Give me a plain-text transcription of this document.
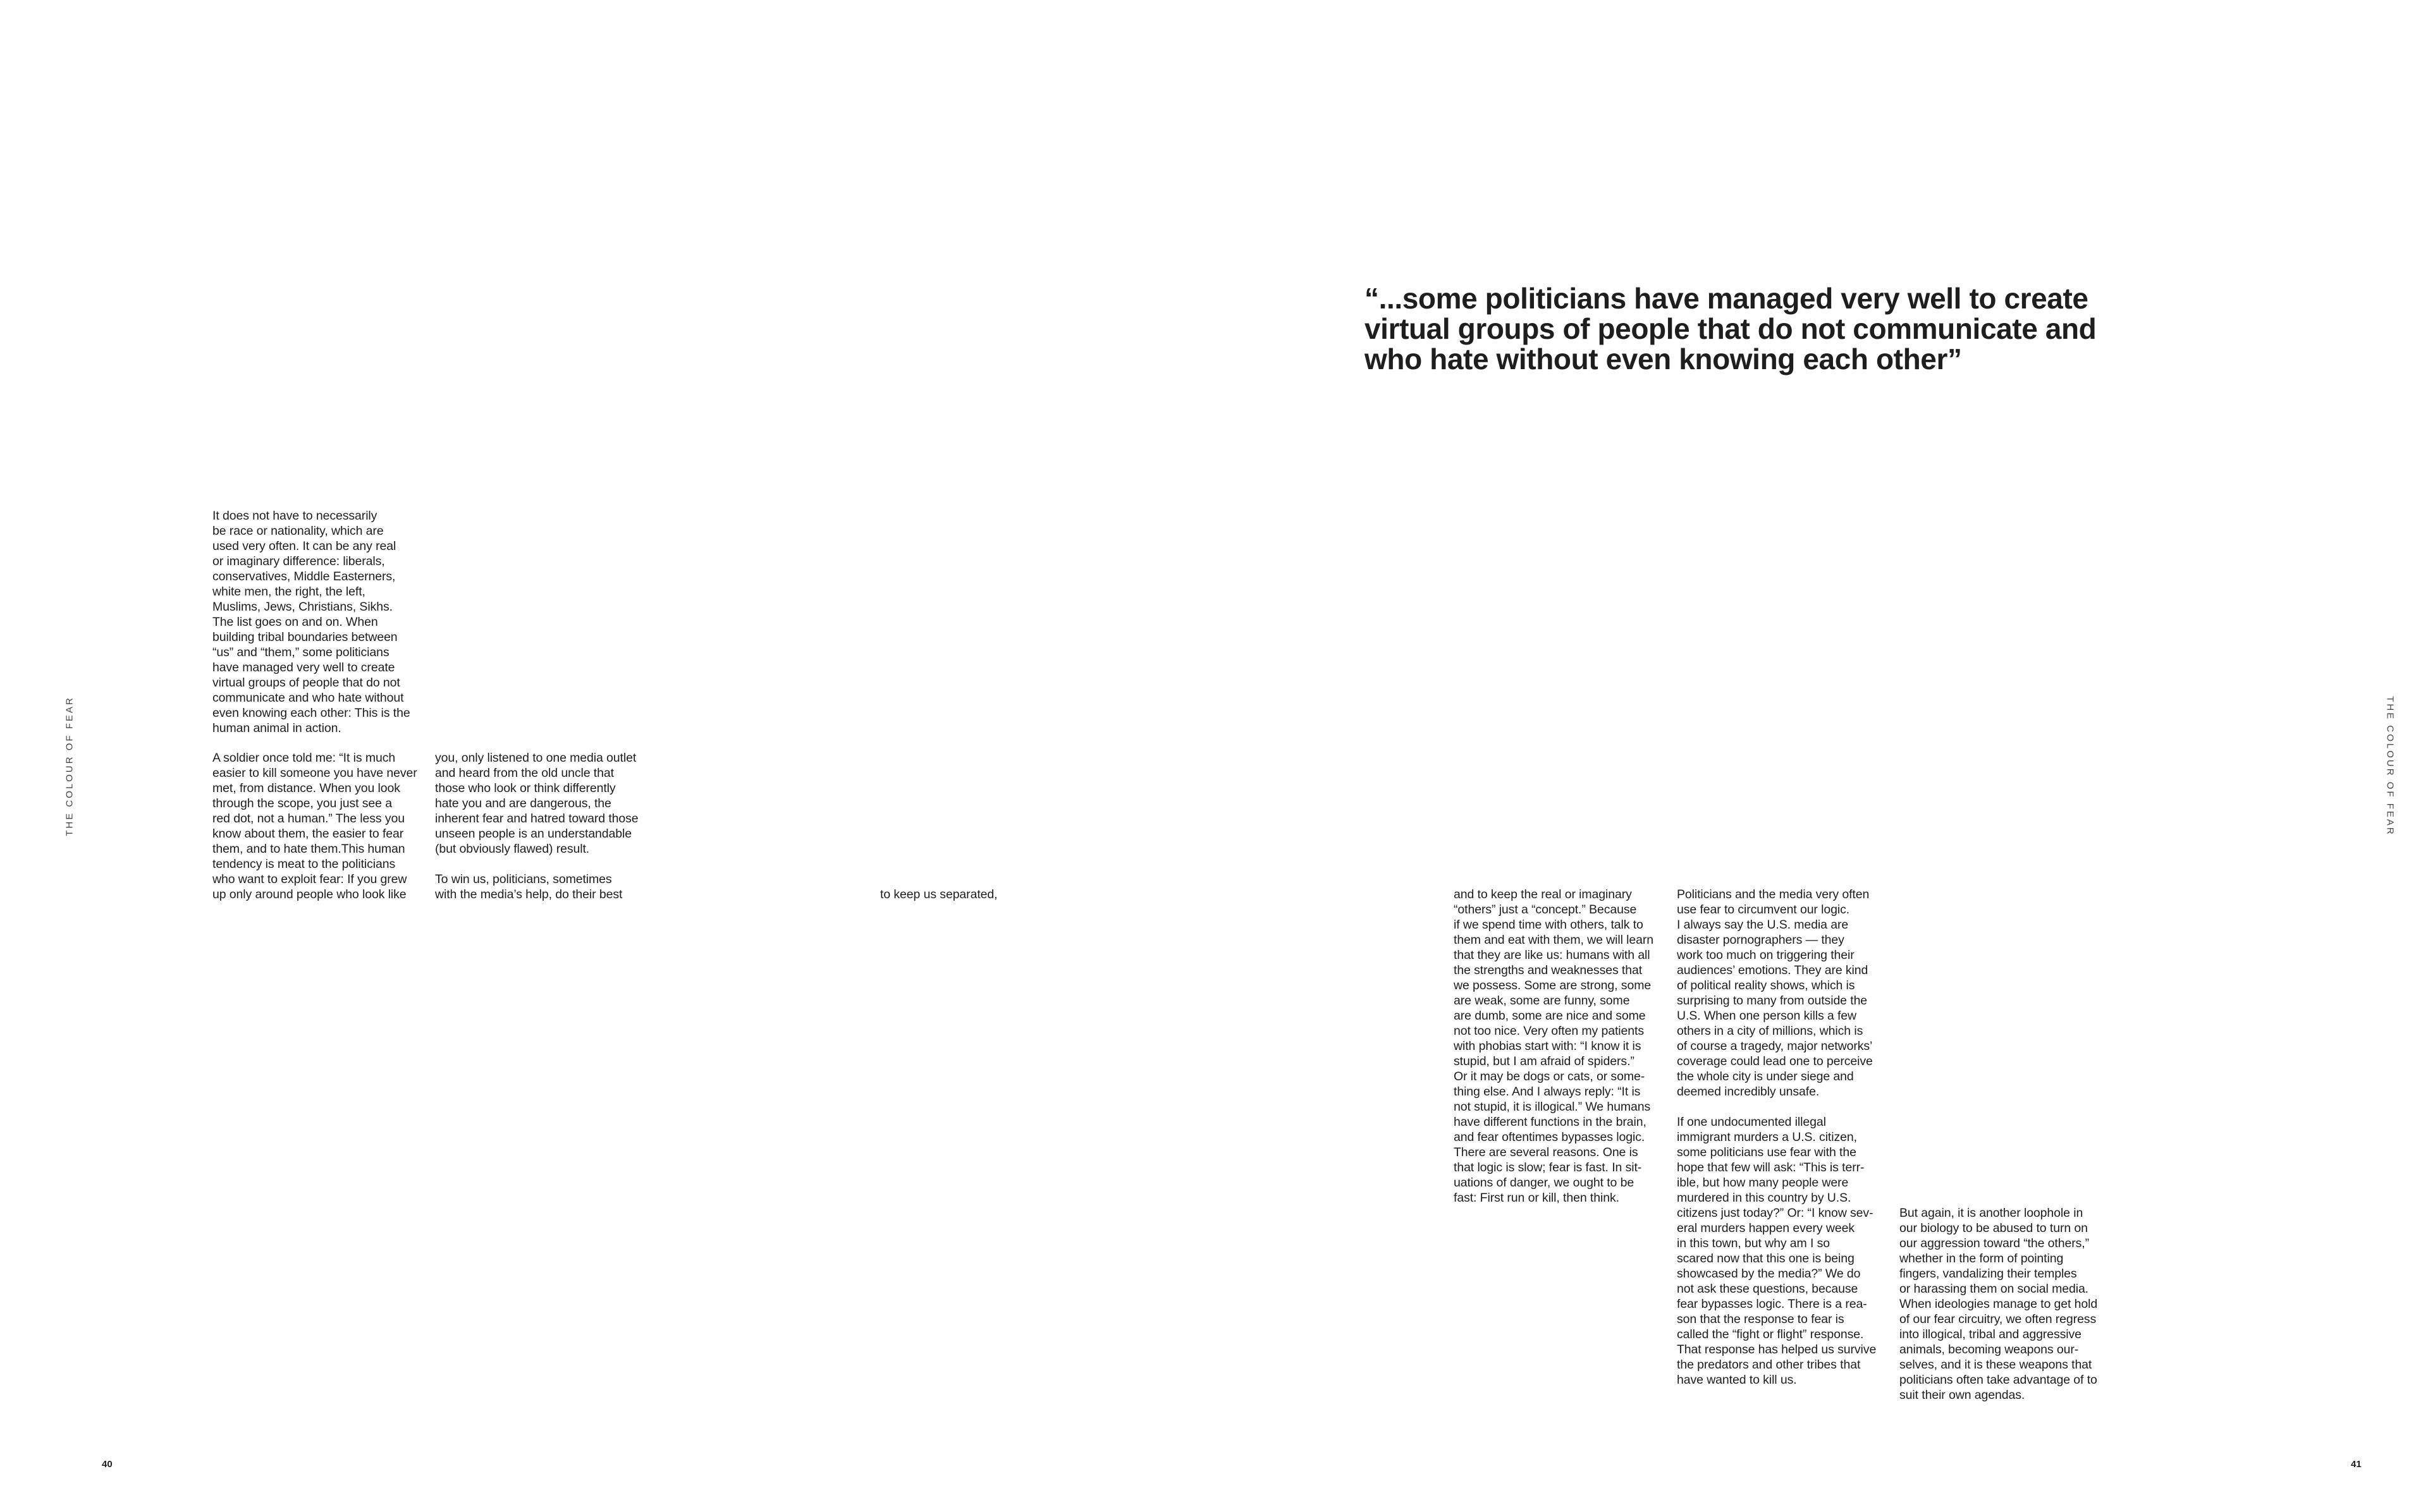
THE COLOUR OF FEAR	THE COLOUR OF FEAR

“...some politicians have managed very well to create
virtual groups of people that do not communicate and
who hate without even knowing each other”

It does not have to necessarily
be race or nationality, which are
used very often. It can be any real
or imaginary difference: liberals,
conservatives, Middle Easterners,
white men, the right, the left,
Muslims, Jews, Christians, Sikhs.
The list goes on and on. When
building tribal boundaries between
“us” and “them,” some politicians
have managed very well to create
virtual groups of people that do not
communicate and who hate without
even knowing each other: This is the
human animal in action.

A soldier once told me: “It is much
easier to kill someone you have never
met, from distance. When you look
through the scope, you just see a
red dot, not a human.” The less you
know about them, the easier to fear
them, and to hate them.This human
tendency is meat to the politicians
who want to exploit fear: If you grew
up only around people who look like

you, only listened to one media outlet
and heard from the old uncle that
those who look or think differently
hate you and are dangerous, the
inherent fear and hatred toward those
unseen people is an understandable
(but obviously flawed) result.

To win us, politicians, sometimes
with the media’s help, do their best	to keep us separated,	and to keep the real or imaginary
“others” just a “concept.” Because
if we spend time with others, talk to
them and eat with them, we will learn
that they are like us: humans with all
the strengths and weaknesses that
we possess. Some are strong, some
are weak, some are funny, some
are dumb, some are nice and some
not too nice. Very often my patients
with phobias start with: “I know it is
stupid, but I am afraid of spiders.”
Or it may be dogs or cats, or some-
thing else. And I always reply: “It is
not stupid, it is illogical.” We humans
have different functions in the brain,
and fear oftentimes bypasses logic.
There are several reasons. One is
that logic is slow; fear is fast. In sit-
uations of danger, we ought to be
fast: First run or kill, then think.

Politicians and the media very often
use fear to circumvent our logic.
I always say the U.S. media are
disaster pornographers — they
work too much on triggering their
audiences’ emotions. They are kind
of political reality shows, which is
surprising to many from outside the
U.S. When one person kills a few
others in a city of millions, which is
of course a tragedy, major networks’
coverage could lead one to perceive
the whole city is under siege and
deemed incredibly unsafe.

If one undocumented illegal
immigrant murders a U.S. citizen,
some politicians use fear with the
hope that few will ask: “This is terr-
ible, but how many people were
murdered in this country by U.S.
citizens just today?” Or: “I know sev-
eral murders happen every week
in this town, but why am I so
scared now that this one is being
showcased by the media?” We do
not ask these questions, because
fear bypasses logic. There is a rea-
son that the response to fear is
called the “fight or flight” response.
That response has helped us survive
the predators and other tribes that
have wanted to kill us.

But again, it is another loophole in
our biology to be abused to turn on
our aggression toward “the others,”
whether in the form of pointing
fingers, vandalizing their temples
or harassing them on social media.
When ideologies manage to get hold
of our fear circuitry, we often regress
into illogical, tribal and aggressive
animals, becoming weapons our-
selves, and it is these weapons that
politicians often take advantage of to
suit their own agendas.

40	41
